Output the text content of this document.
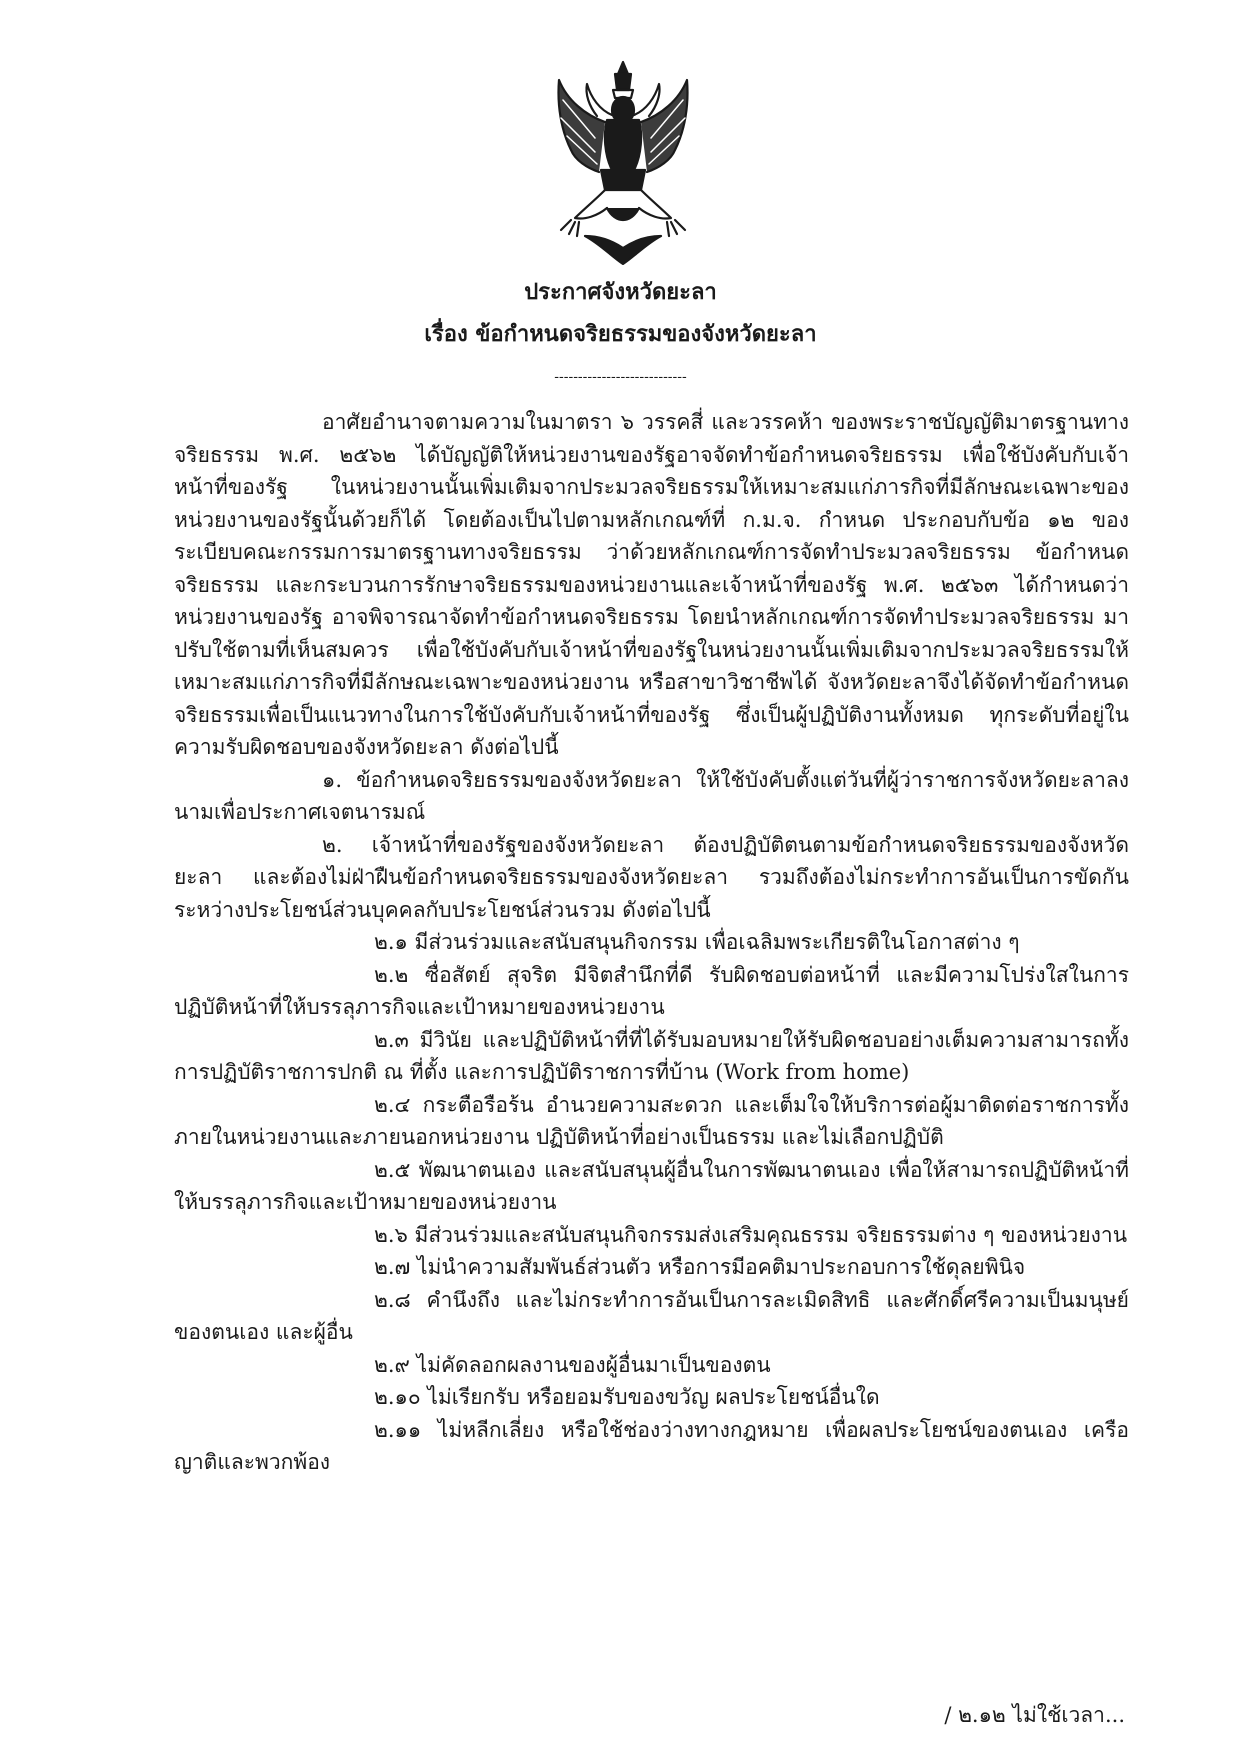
ประกาศจังหวัดยะลา
เรื่อง ข้อกำหนดจริยธรรมของจังหวัดยะลา
----------------------------

อาศัยอำนาจตามความในมาตรา ๖ วรรคสี่ และวรรคห้า ของพระราชบัญญัติมาตรฐานทางจริยธรรม พ.ศ. ๒๕๖๒ ได้บัญญัติให้หน่วยงานของรัฐอาจจัดทำข้อกำหนดจริยธรรม เพื่อใช้บังคับกับเจ้าหน้าที่ของรัฐ ในหน่วยงานนั้นเพิ่มเติมจากประมวลจริยธรรมให้เหมาะสมแก่ภารกิจที่มีลักษณะเฉพาะของหน่วยงานของรัฐนั้นด้วยก็ได้ โดยต้องเป็นไปตามหลักเกณฑ์ที่ ก.ม.จ. กำหนด ประกอบกับข้อ ๑๒ ของระเบียบคณะกรรมการมาตรฐานทางจริยธรรม ว่าด้วยหลักเกณฑ์การจัดทำประมวลจริยธรรม ข้อกำหนดจริยธรรม และกระบวนการรักษาจริยธรรมของหน่วยงานและเจ้าหน้าที่ของรัฐ พ.ศ. ๒๕๖๓ ได้กำหนดว่า หน่วยงานของรัฐ อาจพิจารณาจัดทำข้อกำหนดจริยธรรม โดยนำหลักเกณฑ์การจัดทำประมวลจริยธรรม มาปรับใช้ตามที่เห็นสมควร เพื่อใช้บังคับกับเจ้าหน้าที่ของรัฐในหน่วยงานนั้นเพิ่มเติมจากประมวลจริยธรรมให้เหมาะสมแก่ภารกิจที่มีลักษณะเฉพาะของหน่วยงาน หรือสาขาวิชาชีพได้ จังหวัดยะลาจึงได้จัดทำข้อกำหนดจริยธรรมเพื่อเป็นแนวทางในการใช้บังคับกับเจ้าหน้าที่ของรัฐ ซึ่งเป็นผู้ปฏิบัติงานทั้งหมด ทุกระดับที่อยู่ในความรับผิดชอบของจังหวัดยะลา ดังต่อไปนี้

๑. ข้อกำหนดจริยธรรมของจังหวัดยะลา ให้ใช้บังคับตั้งแต่วันที่ผู้ว่าราชการจังหวัดยะลาลงนามเพื่อประกาศเจตนารมณ์

๒. เจ้าหน้าที่ของรัฐของจังหวัดยะลา ต้องปฏิบัติตนตามข้อกำหนดจริยธรรมของจังหวัดยะลา และต้องไม่ฝ่าฝืนข้อกำหนดจริยธรรมของจังหวัดยะลา รวมถึงต้องไม่กระทำการอันเป็นการขัดกันระหว่างประโยชน์ส่วนบุคคลกับประโยชน์ส่วนรวม ดังต่อไปนี้

๒.๑ มีส่วนร่วมและสนับสนุนกิจกรรม เพื่อเฉลิมพระเกียรติในโอกาสต่าง ๆ

๒.๒ ซื่อสัตย์ สุจริต มีจิตสำนึกที่ดี รับผิดชอบต่อหน้าที่ และมีความโปร่งใสในการปฏิบัติหน้าที่ให้บรรลุภารกิจและเป้าหมายของหน่วยงาน

๒.๓ มีวินัย และปฏิบัติหน้าที่ที่ได้รับมอบหมายให้รับผิดชอบอย่างเต็มความสามารถทั้งการปฏิบัติราชการปกติ ณ ที่ตั้ง และการปฏิบัติราชการที่บ้าน (Work from home)

๒.๔ กระตือรือร้น อำนวยความสะดวก และเต็มใจให้บริการต่อผู้มาติดต่อราชการทั้งภายในหน่วยงานและภายนอกหน่วยงาน ปฏิบัติหน้าที่อย่างเป็นธรรม และไม่เลือกปฏิบัติ

๒.๕ พัฒนาตนเอง และสนับสนุนผู้อื่นในการพัฒนาตนเอง เพื่อให้สามารถปฏิบัติหน้าที่ให้บรรลุภารกิจและเป้าหมายของหน่วยงาน

๒.๖ มีส่วนร่วมและสนับสนุนกิจกรรมส่งเสริมคุณธรรม จริยธรรมต่าง ๆ ของหน่วยงาน

๒.๗ ไม่นำความสัมพันธ์ส่วนตัว หรือการมีอคติมาประกอบการใช้ดุลยพินิจ

๒.๘ คำนึงถึง และไม่กระทำการอันเป็นการละเมิดสิทธิ และศักดิ์ศรีความเป็นมนุษย์ของตนเอง และผู้อื่น

๒.๙ ไม่คัดลอกผลงานของผู้อื่นมาเป็นของตน

๒.๑๐ ไม่เรียกรับ หรือยอมรับของขวัญ ผลประโยชน์อื่นใด

๒.๑๑ ไม่หลีกเลี่ยง หรือใช้ช่องว่างทางกฎหมาย เพื่อผลประโยชน์ของตนเอง เครือญาติและพวกพ้อง

/ ๒.๑๒ ไม่ใช้เวลา...
